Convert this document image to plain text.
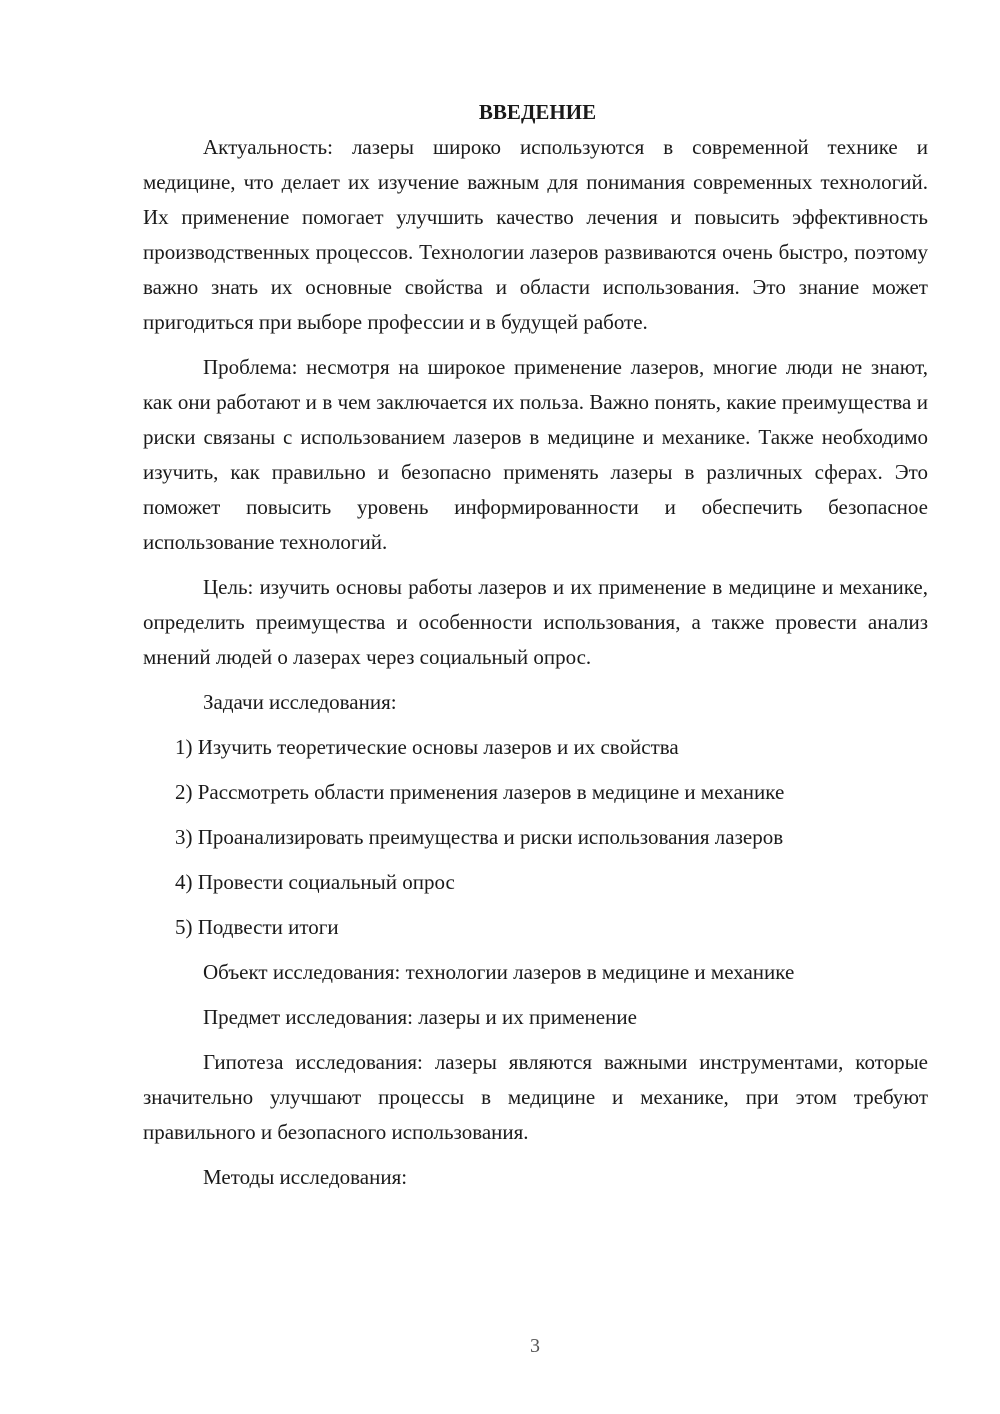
ВВЕДЕНИЕ

Актуальность: лазеры широко используются в современной технике и медицине, что делает их изучение важным для понимания современных технологий. Их применение помогает улучшить качество лечения и повысить эффективность производственных процессов. Технологии лазеров развиваются очень быстро, поэтому важно знать их основные свойства и области использования. Это знание может пригодиться при выборе профессии и в будущей работе.

Проблема: несмотря на широкое применение лазеров, многие люди не знают, как они работают и в чем заключается их польза. Важно понять, какие преимущества и риски связаны с использованием лазеров в медицине и механике. Также необходимо изучить, как правильно и безопасно применять лазеры в различных сферах. Это поможет повысить уровень информированности и обеспечить безопасное использование технологий.

Цель: изучить основы работы лазеров и их применение в медицине и механике, определить преимущества и особенности использования, а также провести анализ мнений людей о лазерах через социальный опрос.

Задачи исследования:

1) Изучить теоретические основы лазеров и их свойства

2) Рассмотреть области применения лазеров в медицине и механике

3) Проанализировать преимущества и риски использования лазеров

4) Провести социальный опрос

5) Подвести итоги

Объект исследования: технологии лазеров в медицине и механике

Предмет исследования: лазеры и их применение

Гипотеза исследования: лазеры являются важными инструментами, которые значительно улучшают процессы в медицине и механике, при этом требуют правильного и безопасного использования.

Методы исследования:

3
